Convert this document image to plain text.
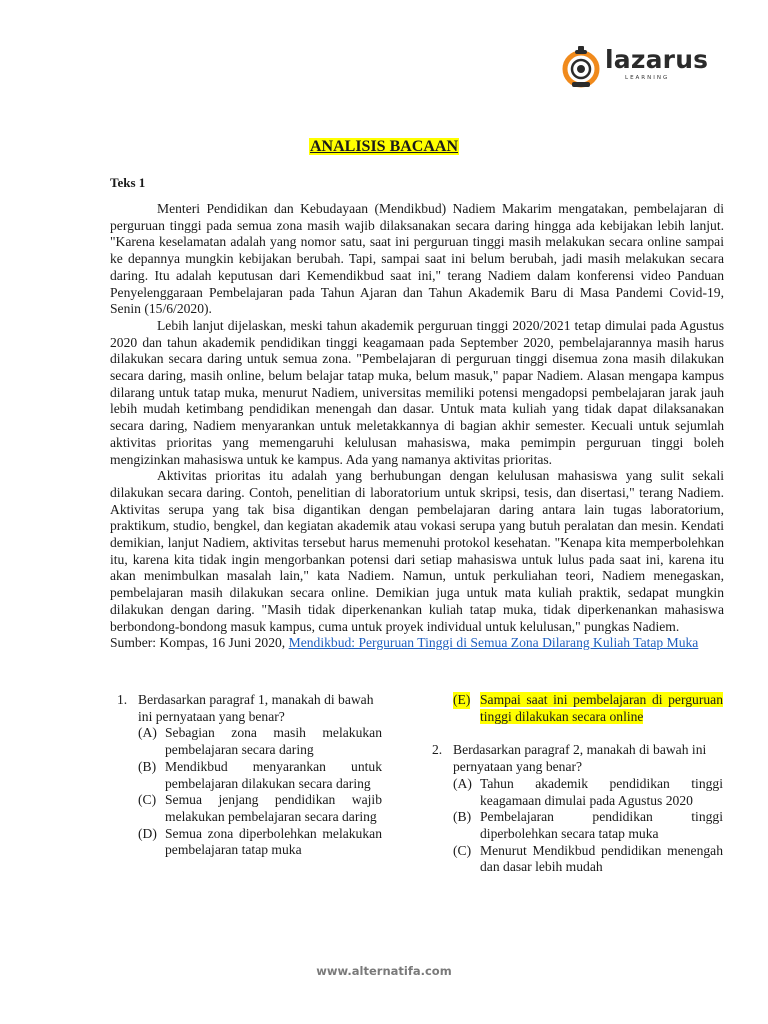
lazarus
LEARNING
ANALISIS BACAAN
Teks 1

Menteri Pendidikan dan Kebudayaan (Mendikbud) Nadiem Makarim mengatakan, pembelajaran di perguruan tinggi pada semua zona masih wajib dilaksanakan secara daring hingga ada kebijakan lebih lanjut. "Karena keselamatan adalah yang nomor satu, saat ini perguruan tinggi masih melakukan secara online sampai ke depannya mungkin kebijakan berubah. Tapi, sampai saat ini belum berubah, jadi masih melakukan secara daring. Itu adalah keputusan dari Kemendikbud saat ini," terang Nadiem dalam konferensi video Panduan Penyelenggaraan Pembelajaran pada Tahun Ajaran dan Tahun Akademik Baru di Masa Pandemi Covid-19, Senin (15/6/2020).

Lebih lanjut dijelaskan, meski tahun akademik perguruan tinggi 2020/2021 tetap dimulai pada Agustus 2020 dan tahun akademik pendidikan tinggi keagamaan pada September 2020, pembelajarannya masih harus dilakukan secara daring untuk semua zona. "Pembelajaran di perguruan tinggi disemua zona masih dilakukan secara daring, masih online, belum belajar tatap muka, belum masuk," papar Nadiem. Alasan mengapa kampus dilarang untuk tatap muka, menurut Nadiem, universitas memiliki potensi mengadopsi pembelajaran jarak jauh lebih mudah ketimbang pendidikan menengah dan dasar. Untuk mata kuliah yang tidak dapat dilaksanakan secara daring, Nadiem menyarankan untuk meletakkannya di bagian akhir semester. Kecuali untuk sejumlah aktivitas prioritas yang memengaruhi kelulusan mahasiswa, maka pemimpin perguruan tinggi boleh mengizinkan mahasiswa untuk ke kampus. Ada yang namanya aktivitas prioritas.

Aktivitas prioritas itu adalah yang berhubungan dengan kelulusan mahasiswa yang sulit sekali dilakukan secara daring. Contoh, penelitian di laboratorium untuk skripsi, tesis, dan disertasi," terang Nadiem. Aktivitas serupa yang tak bisa digantikan dengan pembelajaran daring antara lain tugas laboratorium, praktikum, studio, bengkel, dan kegiatan akademik atau vokasi serupa yang butuh peralatan dan mesin. Kendati demikian, lanjut Nadiem, aktivitas tersebut harus memenuhi protokol kesehatan. "Kenapa kita memperbolehkan itu, karena kita tidak ingin mengorbankan potensi dari setiap mahasiswa untuk lulus pada saat ini, karena itu akan menimbulkan masalah lain," kata Nadiem. Namun, untuk perkuliahan teori, Nadiem menegaskan, pembelajaran masih dilakukan secara online. Demikian juga untuk mata kuliah praktik, sedapat mungkin dilakukan dengan daring. "Masih tidak diperkenankan kuliah tatap muka, tidak diperkenankan mahasiswa berbondong-bondong masuk kampus, cuma untuk proyek individual untuk kelulusan," pungkas Nadiem.

Sumber: Kompas, 16 Juni 2020, Mendikbud: Perguruan Tinggi di Semua Zona Dilarang Kuliah Tatap Muka
1. Berdasarkan paragraf 1, manakah di bawah ini pernyataan yang benar?
(A) Sebagian zona masih melakukan pembelajaran secara daring
(B) Mendikbud menyarankan untuk pembelajaran dilakukan secara daring
(C) Semua jenjang pendidikan wajib melakukan pembelajaran secara daring
(D) Semua zona diperbolehkan melakukan pembelajaran tatap muka
(E) Sampai saat ini pembelajaran di perguruan tinggi dilakukan secara online
2. Berdasarkan paragraf 2, manakah di bawah ini pernyataan yang benar?
(A) Tahun akademik pendidikan tinggi keagamaan dimulai pada Agustus 2020
(B) Pembelajaran pendidikan tinggi diperbolehkan secara tatap muka
(C) Menurut Mendikbud pendidikan menengah dan dasar lebih mudah
www.alternatifa.com
